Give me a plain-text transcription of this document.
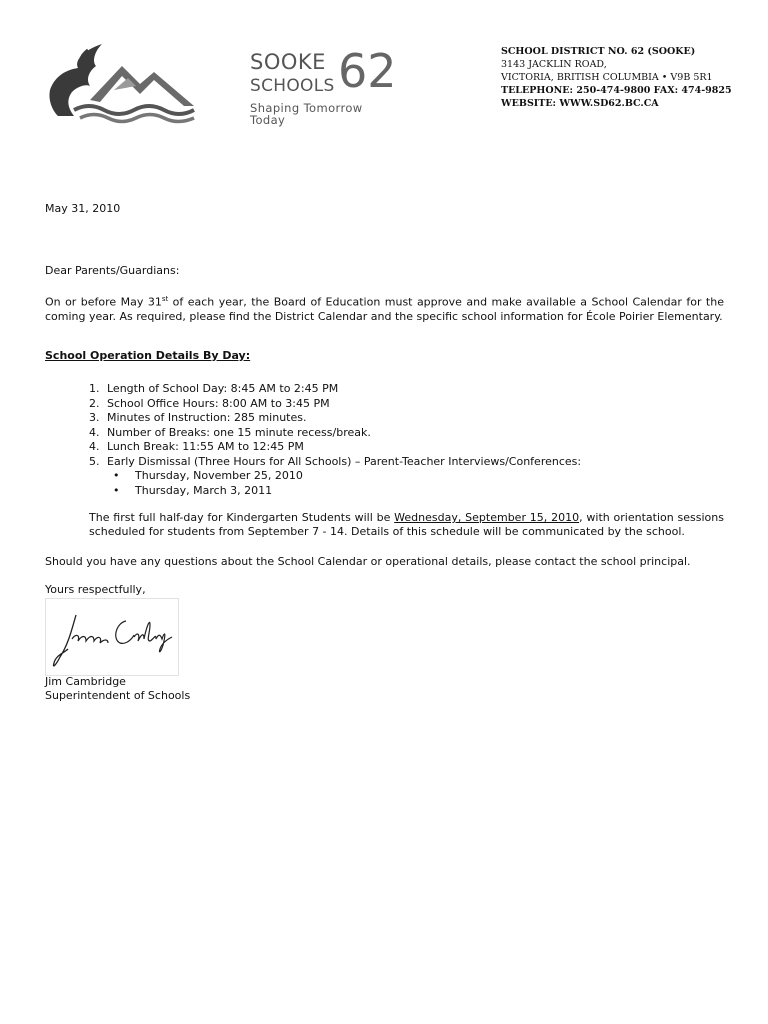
SOOKE
SCHOOLS 62
Shaping Tomorrow Today
SCHOOL DISTRICT NO. 62 (SOOKE)
3143 JACKLIN ROAD,
VICTORIA, BRITISH COLUMBIA • V9B 5R1
TELEPHONE: 250-474-9800 FAX: 474-9825
WEBSITE: WWW.SD62.BC.CA
May 31, 2010
Dear Parents/Guardians:
On or before May 31st of each year, the Board of Education must approve and make available a School Calendar for the coming year. As required, please find the District Calendar and the specific school information for École Poirier Elementary.
School Operation Details By Day:
1. Length of School Day: 8:45 AM to 2:45 PM
2. School Office Hours: 8:00 AM to 3:45 PM
3. Minutes of Instruction: 285 minutes.
4. Number of Breaks: one 15 minute recess/break.
4. Lunch Break: 11:55 AM to 12:45 PM
5. Early Dismissal (Three Hours for All Schools) – Parent-Teacher Interviews/Conferences:
• Thursday, November 25, 2010
• Thursday, March 3, 2011
The first full half-day for Kindergarten Students will be Wednesday, September 15, 2010, with orientation sessions scheduled for students from September 7 - 14. Details of this schedule will be communicated by the school.
Should you have any questions about the School Calendar or operational details, please contact the school principal.
Yours respectfully,
Jim Cambridge
Superintendent of Schools
